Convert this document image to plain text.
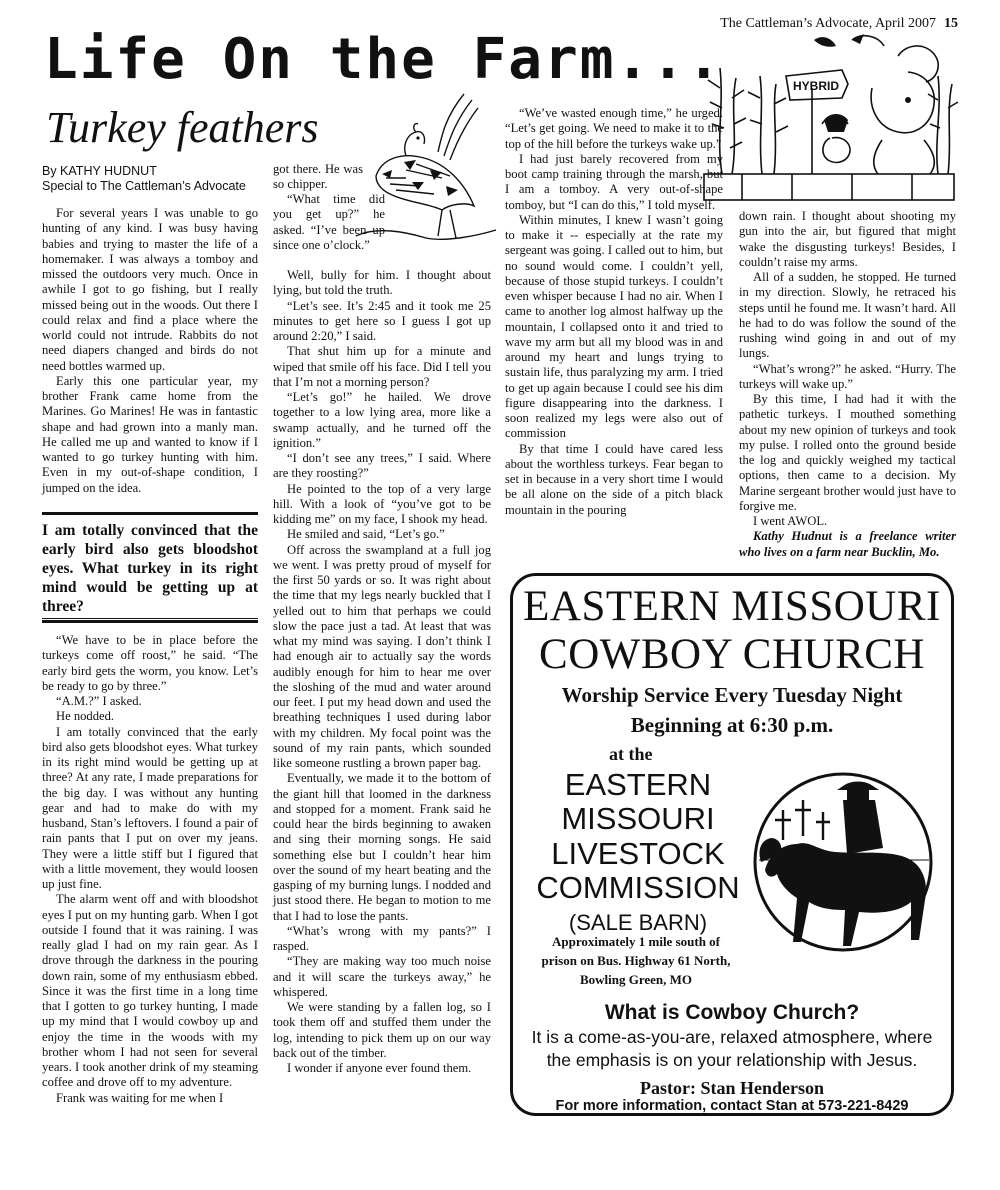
The Cattleman’s Advocate, April 2007 15
Life On the Farm...
Turkey feathers
By KATHY HUDNUT
Special to The Cattleman’s Advocate

For several years I was unable to go hunting of any kind. I was busy having babies and trying to master the life of a homemaker. I was always a tomboy and missed the outdoors very much. Once in awhile I got to go fishing, but I really missed being out in the woods. Out there I could relax and find a place where the world could not intrude. Rabbits do not need diapers changed and birds do not need bottles warmed up.

Early this one particular year, my brother Frank came home from the Marines. Go Marines! He was in fantastic shape and had grown into a manly man. He called me up and wanted to know if I wanted to go turkey hunting with him. Even in my out-of-shape condition, I jumped on the idea.

I am totally convinced that the early bird also gets bloodshot eyes. What turkey in its right mind would be getting up at three?

“We have to be in place before the turkeys come off roost,” he said. “The early bird gets the worm, you know. Let’s be ready to go by three.”

“A.M.?” I asked.

He nodded.

I am totally convinced that the early bird also gets bloodshot eyes. What turkey in its right mind would be getting up at three? At any rate, I made preparations for the big day. I was without any hunting gear and had to make do with my husband, Stan’s leftovers. I found a pair of rain pants that I put on over my jeans. They were a little stiff but I figured that with a little movement, they would loosen up just fine.

The alarm went off and with bloodshot eyes I put on my hunting garb. When I got outside I found that it was raining. I was really glad I had on my rain gear. As I drove through the darkness in the pouring down rain, some of my enthusiasm ebbed. Since it was the first time in a long time that I gotten to go turkey hunting, I made up my mind that I would cowboy up and enjoy the time in the woods with my brother whom I had not seen for several years. I took another drink of my steaming coffee and drove off to my adventure.

Frank was waiting for me when I

got there. He was so chipper.

“What time did you get up?” he asked. “I’ve been up since one o’clock.”

Well, bully for him. I thought about lying, but told the truth.

“Let’s see. It’s 2:45 and it took me 25 minutes to get here so I guess I got up around 2:20,” I said.

That shut him up for a minute and wiped that smile off his face. Did I tell you that I’m not a morning person?

“Let’s go!” he hailed. We drove together to a low lying area, more like a swamp actually, and he turned off the ignition.”

“I don’t see any trees,” I said. Where are they roosting?”

He pointed to the top of a very large hill. With a look of “you’ve got to be kidding me” on my face, I shook my head.

He smiled and said, “Let’s go.”

Off across the swampland at a full jog we went. I was pretty proud of myself for the first 50 yards or so. It was right about the time that my legs nearly buckled that I yelled out to him that perhaps we could slow the pace just a tad. At least that was what my mind was saying. I don’t think I had enough air to actually say the words audibly enough for him to hear me over the sloshing of the mud and water around our feet. I put my head down and used the breathing techniques I used during labor with my children. My focal point was the sound of my rain pants, which sounded like someone rustling a brown paper bag.

Eventually, we made it to the bottom of the giant hill that loomed in the darkness and stopped for a moment. Frank said he could hear the birds beginning to awaken and sing their morning songs. He said something else but I couldn’t hear him over the sound of my heart beating and the gasping of my burning lungs. I nodded and just stood there. He began to motion to me that I had to lose the pants.

“What’s wrong with my pants?” I rasped.

“They are making way too much noise and it will scare the turkeys away,” he whispered.

We were standing by a fallen log, so I took them off and stuffed them under the log, intending to pick them up on our way back out of the timber.

I wonder if anyone ever found them.

“We’ve wasted enough time,” he urged. “Let’s get going. We need to make it to the top of the hill before the turkeys wake up.”

I had just barely recovered from my boot camp training through the marsh, but I am a tomboy. A very out-of-shape tomboy, but “I can do this,” I told myself.

Within minutes, I knew I wasn’t going to make it -- especially at the rate my sergeant was going. I called out to him, but no sound would come. I couldn’t yell, because of those stupid turkeys. I couldn’t even whisper because I had no air. When I came to another log almost halfway up the mountain, I collapsed onto it and tried to wave my arm but all my blood was in and around my heart and lungs trying to sustain life, thus paralyzing my arm. I tried to get up again because I could see his dim figure disappearing into the darkness. I soon realized my legs were also out of commission

By that time I could have cared less about the worthless turkeys. Fear began to set in because in a very short time I would be all alone on the side of a pitch black mountain in the pouring

HYBRID

down rain. I thought about shooting my gun into the air, but figured that might wake the disgusting turkeys! Besides, I couldn’t raise my arms.

All of a sudden, he stopped. He turned in my direction. Slowly, he retraced his steps until he found me. It wasn’t hard. All he had to do was follow the sound of the rushing wind going in and out of my lungs.

“What’s wrong?” he asked. “Hurry. The turkeys will wake up.”

By this time, I had had it with the pathetic turkeys. I mouthed something about my new opinion of turkeys and took my pulse. I rolled onto the ground beside the log and quickly weighed my tactical options, then came to a decision. My Marine sergeant brother would just have to forgive me.

I went AWOL.

Kathy Hudnut is a freelance writer who lives on a farm near Bucklin, Mo.

EASTERN MISSOURI
COWBOY CHURCH
Worship Service Every Tuesday Night
Beginning at 6:30 p.m.
at the
EASTERN
MISSOURI
LIVESTOCK
COMMISSION
(SALE BARN)
Approximately 1 mile south of
prison on Bus. Highway 61 North,
Bowling Green, MO
What is Cowboy Church?
It is a come-as-you-are, relaxed atmosphere, where
the emphasis is on your relationship with Jesus.
Pastor: Stan Henderson
For more information, contact Stan at 573-221-8429
